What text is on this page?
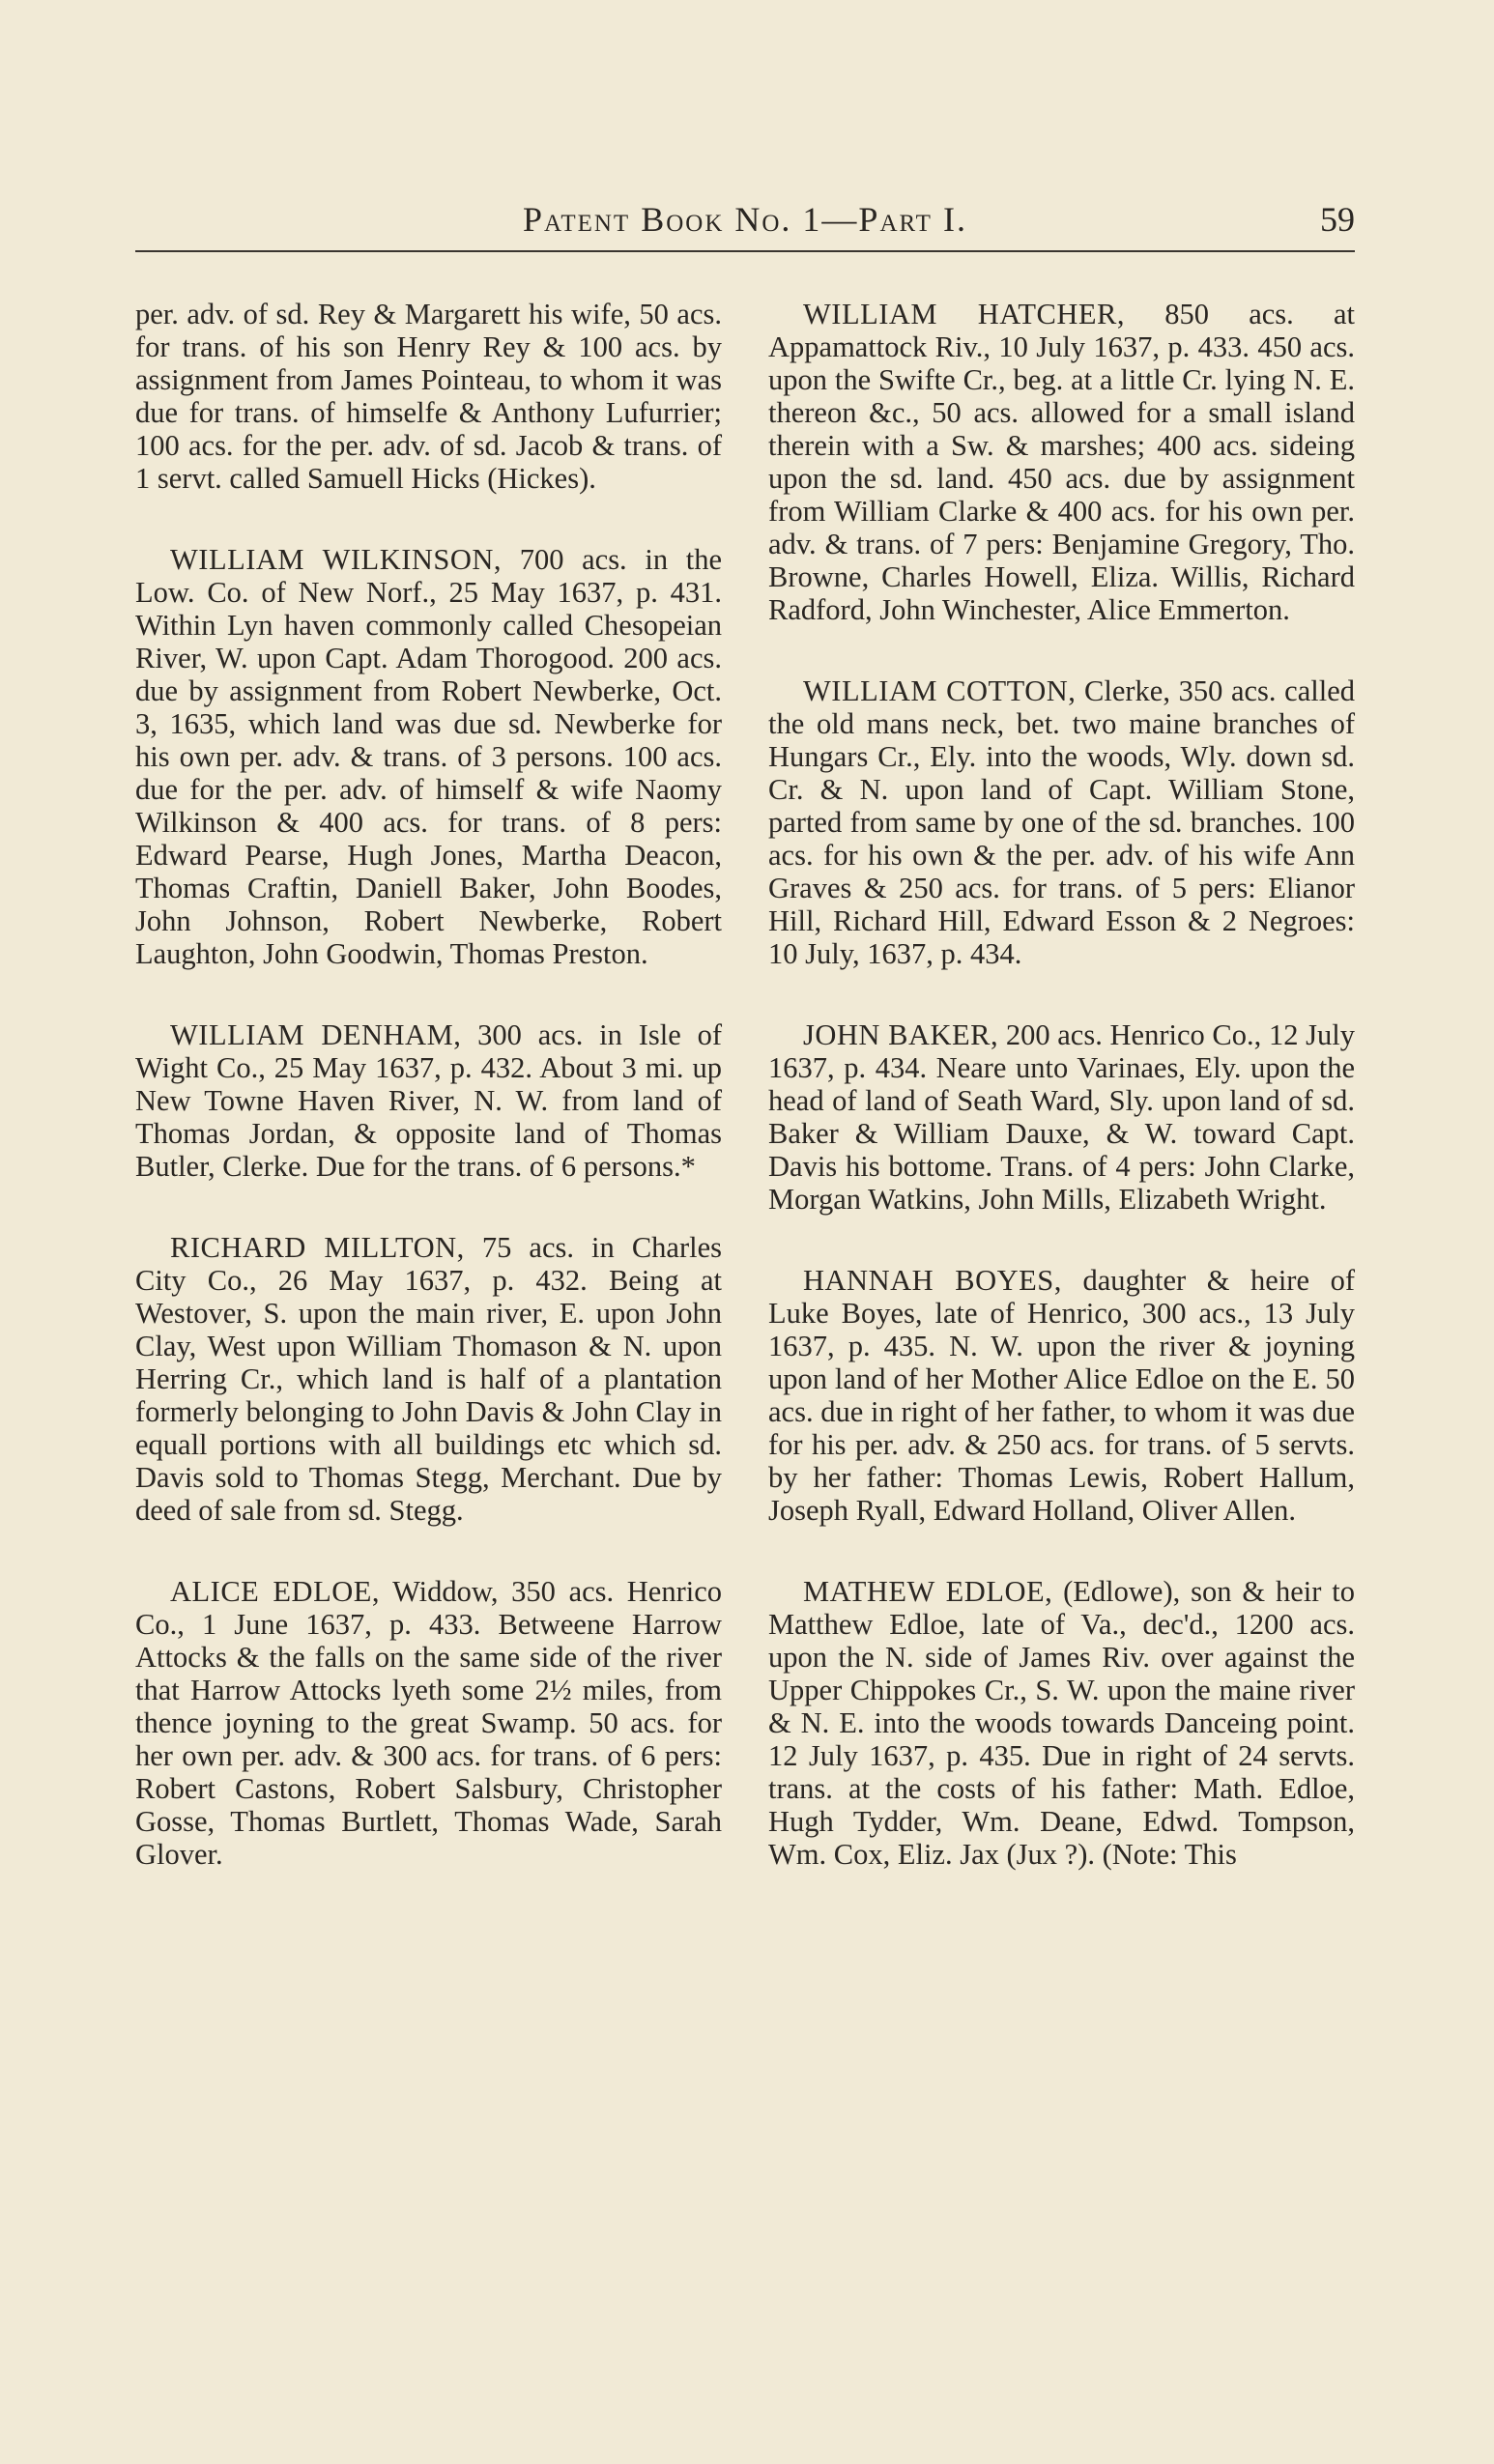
Patent Book No. 1—Part I.	59

per. adv. of sd. Rey & Margarett his wife, 50 acs. for trans. of his son Henry Rey & 100 acs. by assignment from James Pointeau, to whom it was due for trans. of himselfe & Anthony Lufurrier; 100 acs. for the per. adv. of sd. Jacob & trans. of 1 servt. called Samuell Hicks (Hickes).

WILLIAM WILKINSON, 700 acs. in the Low. Co. of New Norf., 25 May 1637, p. 431. Within Lyn haven commonly called Chesopeian River, W. upon Capt. Adam Thorogood. 200 acs. due by assignment from Robert Newberke, Oct. 3, 1635, which land was due sd. Newberke for his own per. adv. & trans. of 3 persons. 100 acs. due for the per. adv. of himself & wife Naomy Wilkinson & 400 acs. for trans. of 8 pers: Edward Pearse, Hugh Jones, Martha Deacon, Thomas Craftin, Daniell Baker, John Boodes, John Johnson, Robert Newberke, Robert Laughton, John Goodwin, Thomas Preston.

WILLIAM DENHAM, 300 acs. in Isle of Wight Co., 25 May 1637, p. 432. About 3 mi. up New Towne Haven River, N. W. from land of Thomas Jordan, & opposite land of Thomas Butler, Clerke. Due for the trans. of 6 persons.*

RICHARD MILLTON, 75 acs. in Charles City Co., 26 May 1637, p. 432. Being at Westover, S. upon the main river, E. upon John Clay, West upon William Thomason & N. upon Herring Cr., which land is half of a plantation formerly belonging to John Davis & John Clay in equall portions with all buildings etc which sd. Davis sold to Thomas Stegg, Merchant. Due by deed of sale from sd. Stegg.

ALICE EDLOE, Widdow, 350 acs. Henrico Co., 1 June 1637, p. 433. Betweene Harrow Attocks & the falls on the same side of the river that Harrow Attocks lyeth some 2½ miles, from thence joyning to the great Swamp. 50 acs. for her own per. adv. & 300 acs. for trans. of 6 pers: Robert Castons, Robert Salsbury, Christopher Gosse, Thomas Burtlett, Thomas Wade, Sarah Glover.

WILLIAM HATCHER, 850 acs. at Appamattock Riv., 10 July 1637, p. 433. 450 acs. upon the Swifte Cr., beg. at a little Cr. lying N. E. thereon &c., 50 acs. allowed for a small island therein with a Sw. & marshes; 400 acs. sideing upon the sd. land. 450 acs. due by assignment from William Clarke & 400 acs. for his own per. adv. & trans. of 7 pers: Benjamine Gregory, Tho. Browne, Charles Howell, Eliza. Willis, Richard Radford, John Winchester, Alice Emmerton.

WILLIAM COTTON, Clerke, 350 acs. called the old mans neck, bet. two maine branches of Hungars Cr., Ely. into the woods, Wly. down sd. Cr. & N. upon land of Capt. William Stone, parted from same by one of the sd. branches. 100 acs. for his own & the per. adv. of his wife Ann Graves & 250 acs. for trans. of 5 pers: Elianor Hill, Richard Hill, Edward Esson & 2 Negroes: 10 July, 1637, p. 434.

JOHN BAKER, 200 acs. Henrico Co., 12 July 1637, p. 434. Neare unto Varinaes, Ely. upon the head of land of Seath Ward, Sly. upon land of sd. Baker & William Dauxe, & W. toward Capt. Davis his bottome. Trans. of 4 pers: John Clarke, Morgan Watkins, John Mills, Elizabeth Wright.

HANNAH BOYES, daughter & heire of Luke Boyes, late of Henrico, 300 acs., 13 July 1637, p. 435. N. W. upon the river & joyning upon land of her Mother Alice Edloe on the E. 50 acs. due in right of her father, to whom it was due for his per. adv. & 250 acs. for trans. of 5 servts. by her father: Thomas Lewis, Robert Hallum, Joseph Ryall, Edward Holland, Oliver Allen.

MATHEW EDLOE, (Edlowe), son & heir to Matthew Edloe, late of Va., dec'd., 1200 acs. upon the N. side of James Riv. over against the Upper Chippokes Cr., S. W. upon the maine river & N. E. into the woods towards Danceing point. 12 July 1637, p. 435. Due in right of 24 servts. trans. at the costs of his father: Math. Edloe, Hugh Tydder, Wm. Deane, Edwd. Tompson, Wm. Cox, Eliz. Jax (Jux ?). (Note: This
